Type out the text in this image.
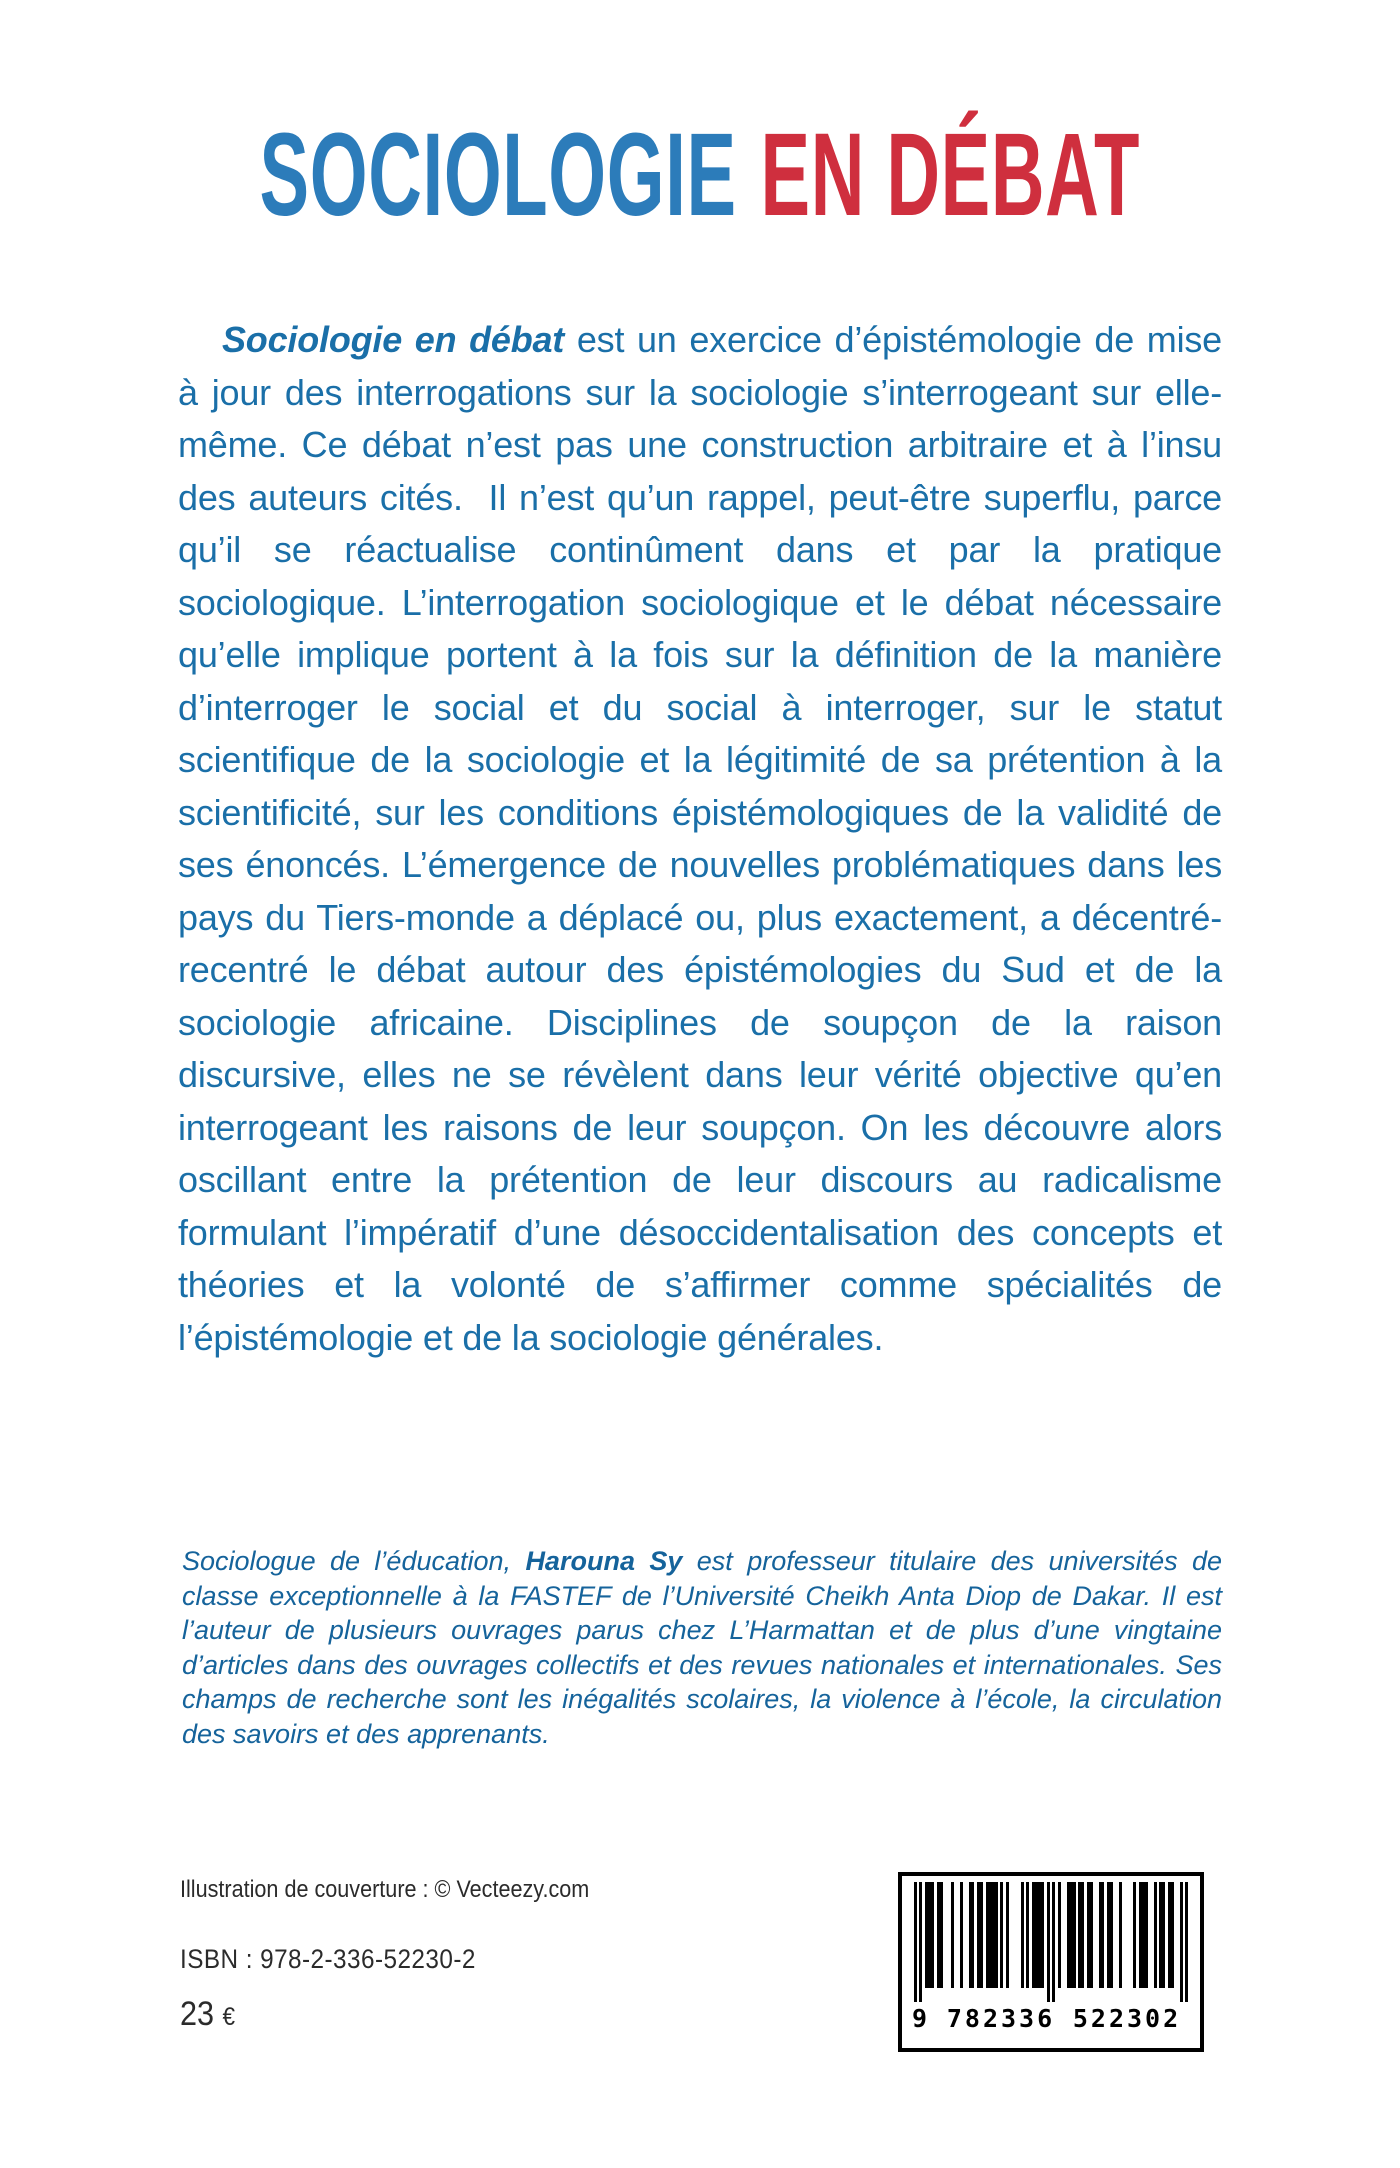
SOCIOLOGIE EN DÉBAT

Sociologie en débat est un exercice d’épistémologie de mise à jour des interrogations sur la sociologie s’interrogeant sur elle-même. Ce débat n’est pas une construction arbitraire et à l’insu des auteurs cités.  Il n’est qu’un rappel, peut-être superflu, parce qu’il se réactualise continûment dans et par la pratique sociologique. L’interrogation sociologique et le débat nécessaire qu’elle implique portent à la fois sur la définition de la manière d’interroger le social et du social à interroger, sur le statut scientifique de la sociologie et la légitimité de sa prétention à la scientificité, sur les conditions épistémologiques de la validité de ses énoncés. L’émergence de nouvelles problématiques dans les pays du Tiers-monde a déplacé ou, plus exactement, a décentré-recentré le débat autour des épistémologies du Sud et de la sociologie africaine. Disciplines de soupçon de la raison discursive, elles ne se révèlent dans leur vérité objective qu’en interrogeant les raisons de leur soupçon. On les découvre alors oscillant entre la prétention de leur discours au radicalisme formulant l’impératif d’une désoccidentalisation des concepts et théories et la volonté de s’affirmer comme spécialités de l’épistémologie et de la sociologie générales.

Sociologue de l’éducation, Harouna Sy est professeur titulaire des universités de classe exceptionnelle à la FASTEF de l’Université Cheikh Anta Diop de Dakar. Il est l’auteur de plusieurs ouvrages parus chez L’Harmattan et de plus d’une vingtaine d’articles dans des ouvrages collectifs et des revues nationales et internationales. Ses champs de recherche sont les inégalités scolaires, la violence à l’école, la circulation des savoirs et des apprenants.

Illustration de couverture : © Vecteezy.com
ISBN : 978-2-336-52230-2
23 €	9 782336 522302
